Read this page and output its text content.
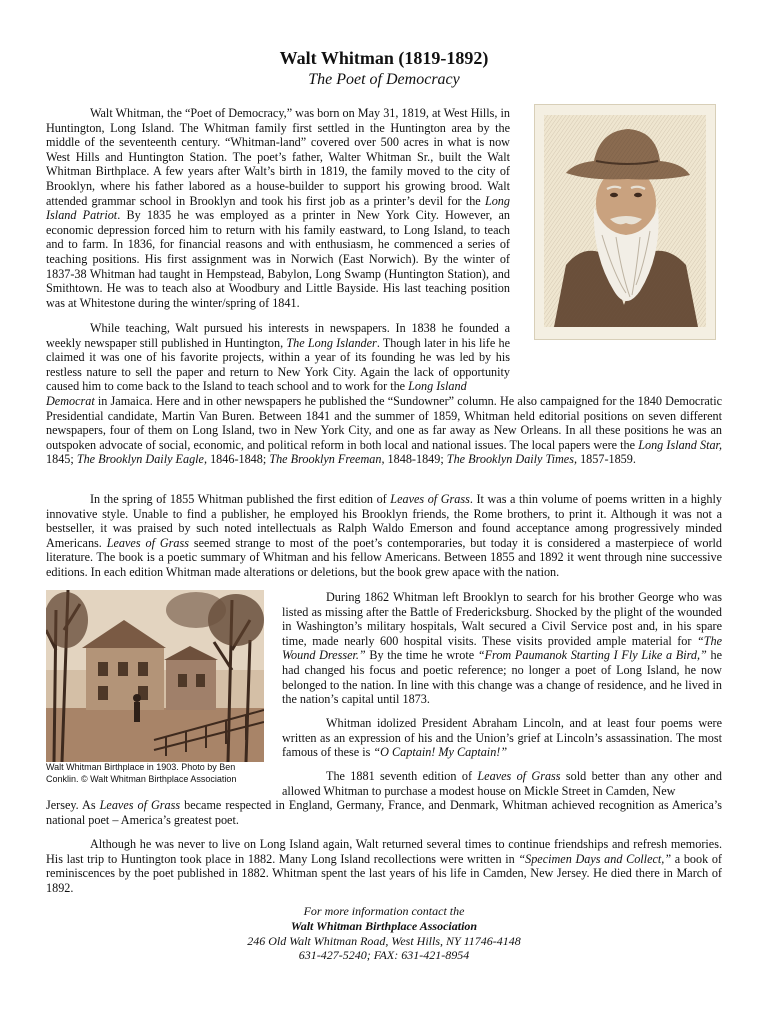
Walt Whitman (1819-1892)
The Poet of Democracy

Walt Whitman, the “Poet of Democracy,” was born on May 31, 1819, at West Hills, in Huntington, Long Island. The Whitman family first settled in the Huntington area by the middle of the seventeenth century. “Whitman-land” covered over 500 acres in what is now West Hills and Huntington Station. The poet’s father, Walter Whitman Sr., built the Walt Whitman Birthplace. A few years after Walt’s birth in 1819, the family moved to the city of Brooklyn, where his father labored as a house-builder to support his growing brood. Walt attended grammar school in Brooklyn and took his first job as a printer’s devil for the Long Island Patriot. By 1835 he was employed as a printer in New York City. However, an economic depression forced him to return with his family eastward, to Long Island, to teach and to farm. In 1836, for financial reasons and with enthusiasm, he commenced a series of teaching positions. His first assignment was in Norwich (East Norwich). By the winter of 1837-38 Whitman had taught in Hempstead, Babylon, Long Swamp (Huntington Station), and Smithtown. He was to teach also at Woodbury and Little Bayside. His last teaching position was at Whitestone during the winter/spring of 1841.

While teaching, Walt pursued his interests in newspapers. In 1838 he founded a weekly newspaper still published in Huntington, The Long Islander. Though later in his life he claimed it was one of his favorite projects, within a year of its founding he was led by his restless nature to sell the paper and return to New York City. Again the lack of opportunity caused him to come back to the Island to teach school and to work for the Long Island

Democrat in Jamaica. Here and in other newspapers he published the “Sundowner” column. He also campaigned for the 1840 Democratic Presidential candidate, Martin Van Buren. Between 1841 and the summer of 1859, Whitman held editorial positions on seven different newspapers, four of them on Long Island, two in New York City, and one as far away as New Orleans. In all these positions he was an outspoken advocate of social, economic, and political reform in both local and national issues. The local papers were the Long Island Star, 1845; The Brooklyn Daily Eagle, 1846-1848; The Brooklyn Freeman, 1848-1849; The Brooklyn Daily Times, 1857-1859.

In the spring of 1855 Whitman published the first edition of Leaves of Grass. It was a thin volume of poems written in a highly innovative style. Unable to find a publisher, he employed his Brooklyn friends, the Rome brothers, to print it. Although it was not a bestseller, it was praised by such noted intellectuals as Ralph Waldo Emerson and found acceptance among progressively minded Americans. Leaves of Grass seemed strange to most of the poet’s contemporaries, but today it is considered a masterpiece of world literature. The book is a poetic summary of Whitman and his fellow Americans. Between 1855 and 1892 it went through nine successive editions. In each edition Whitman made alterations or deletions, but the book grew apace with the nation.

Walt Whitman Birthplace in 1903. Photo by Ben Conklin. © Walt Whitman Birthplace Association

During 1862 Whitman left Brooklyn to search for his brother George who was listed as missing after the Battle of Fredericksburg. Shocked by the plight of the wounded in Washington’s military hospitals, Walt secured a Civil Service post and, in his spare time, made nearly 600 hospital visits. These visits provided ample material for “The Wound Dresser.” By the time he wrote “From Paumanok Starting I Fly Like a Bird,” he had changed his focus and poetic reference; no longer a poet of Long Island, he now belonged to the nation. In line with this change was a change of residence, and he lived in the nation’s capital until 1873.

Whitman idolized President Abraham Lincoln, and at least four poems were written as an expression of his and the Union’s grief at Lincoln’s assassination. The most famous of these is “O Captain! My Captain!”

The 1881 seventh edition of Leaves of Grass sold better than any other and allowed Whitman to purchase a modest house on Mickle Street in Camden, New

Jersey. As Leaves of Grass became respected in England, Germany, France, and Denmark, Whitman achieved recognition as America’s national poet – America’s greatest poet.

Although he was never to live on Long Island again, Walt returned several times to continue friendships and refresh memories. His last trip to Huntington took place in 1882. Many Long Island recollections were written in “Specimen Days and Collect,” a book of reminiscences by the poet published in 1882. Whitman spent the last years of his life in Camden, New Jersey. He died there in March of 1892.

For more information contact the
Walt Whitman Birthplace Association
246 Old Walt Whitman Road, West Hills, NY 11746-4148
631-427-5240; FAX: 631-421-8954
